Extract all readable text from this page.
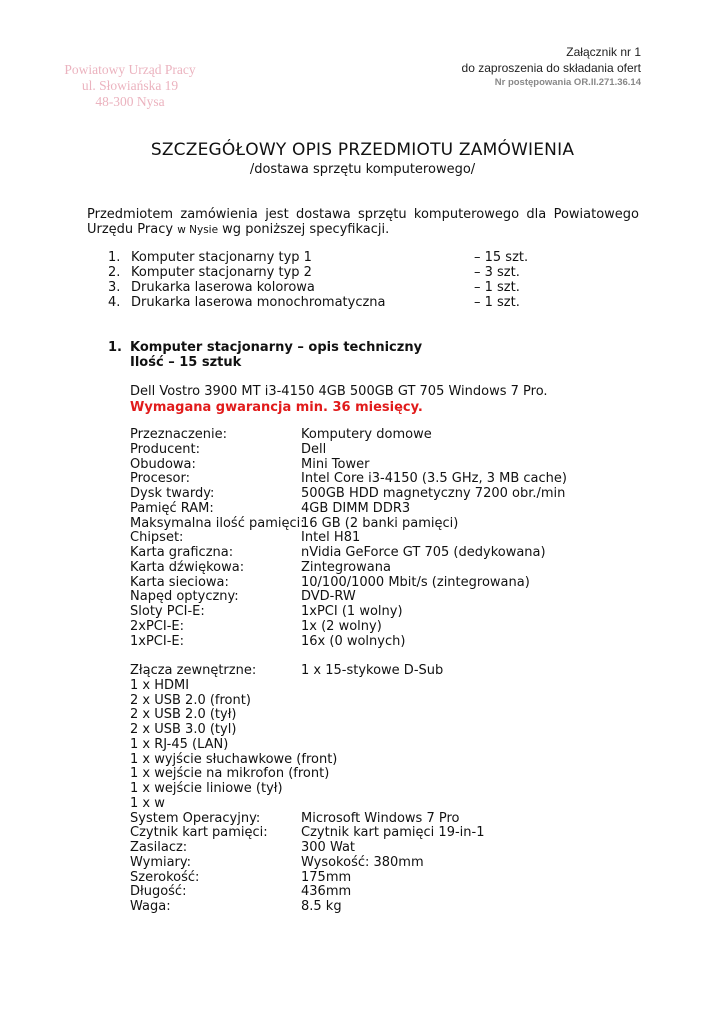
Powiatowy Urząd Pracy
ul. Słowiańska 19
48-300 Nysa
Załącznik nr 1
do zaproszenia do składania ofert
Nr postępowania OR.II.271.36.14
SZCZEGÓŁOWY OPIS PRZEDMIOTU ZAMÓWIENIA
/dostawa sprzętu komputerowego/
Przedmiotem zamówienia jest dostawa sprzętu komputerowego dla Powiatowego Urzędu Pracy w Nysie wg poniższej specyfikacji.
1. Komputer stacjonarny typ 1	– 15 szt.
2. Komputer stacjonarny typ 2	– 3 szt.
3. Drukarka laserowa kolorowa	– 1 szt.
4. Drukarka laserowa monochromatyczna	– 1 szt.
1. Komputer stacjonarny – opis techniczny
Ilość – 15 sztuk
Dell Vostro 3900 MT i3-4150 4GB 500GB GT 705 Windows 7 Pro.
Wymagana gwarancja min. 36 miesięcy.
Przeznaczenie:	Komputery domowe
Producent:	Dell
Obudowa:	Mini Tower
Procesor:	Intel Core i3-4150 (3.5 GHz, 3 MB cache)
Dysk twardy:	500GB HDD magnetyczny 7200 obr./min
Pamięć RAM:	4GB DIMM DDR3
Maksymalna ilość pamięci:
16 GB (2 banki pamięci)
Chipset:	Intel H81
Karta graficzna:	nVidia GeForce GT 705 (dedykowana)
Karta dźwiękowa:	Zintegrowana
Karta sieciowa:	10/100/1000 Mbit/s (zintegrowana)
Napęd optyczny:	DVD-RW
Sloty PCI-E:	1xPCI (1 wolny)
2xPCI-E:	1x (2 wolny)
1xPCI-E:	16x (0 wolnych)
Złącza zewnętrzne:	1 x 15-stykowe D-Sub
1 x HDMI
2 x USB 2.0 (front)
2 x USB 2.0 (tył)
2 x USB 3.0 (tyl)
1 x RJ-45 (LAN)
1 x wyjście słuchawkowe (front)
1 x wejście na mikrofon (front)
1 x wejście liniowe (tył)
1 x w
System Operacyjny:	Microsoft Windows 7 Pro
Czytnik kart pamięci:	Czytnik kart pamięci 19-in-1
Zasilacz:	300 Wat
Wymiary:	Wysokość: 380mm
Szerokość:	175mm
Długość:	436mm
Waga:	8.5 kg
